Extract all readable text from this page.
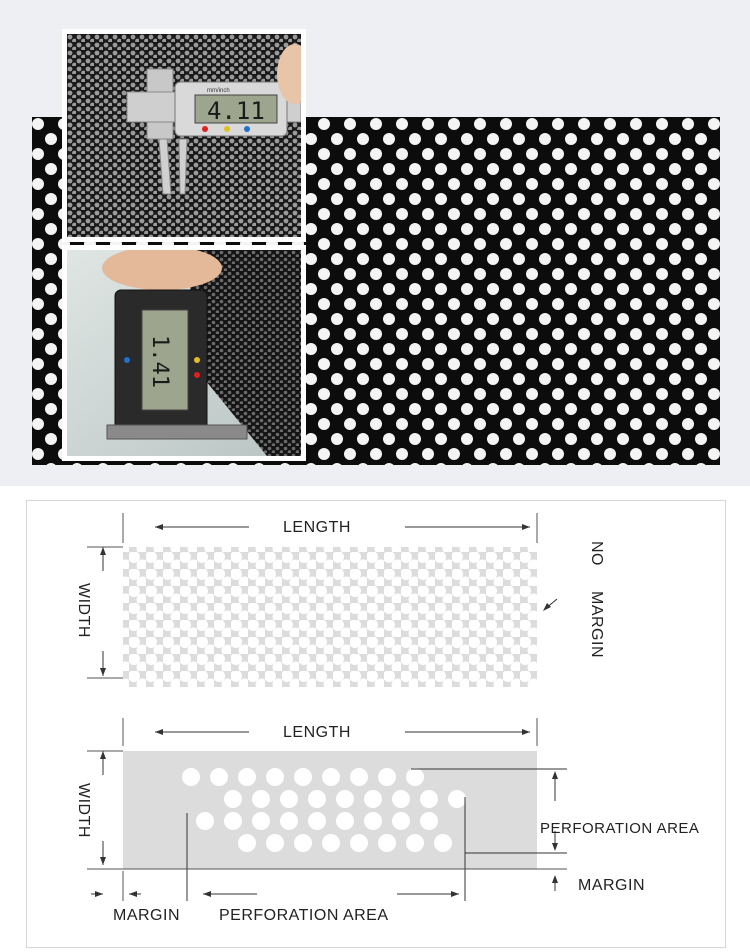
mm/inch
4.11
1.41
LENGTH
WIDTH
NO
MARGIN
LENGTH
WIDTH	PERFORATION AREA
MARGIN
MARGIN PERFORATION AREA
